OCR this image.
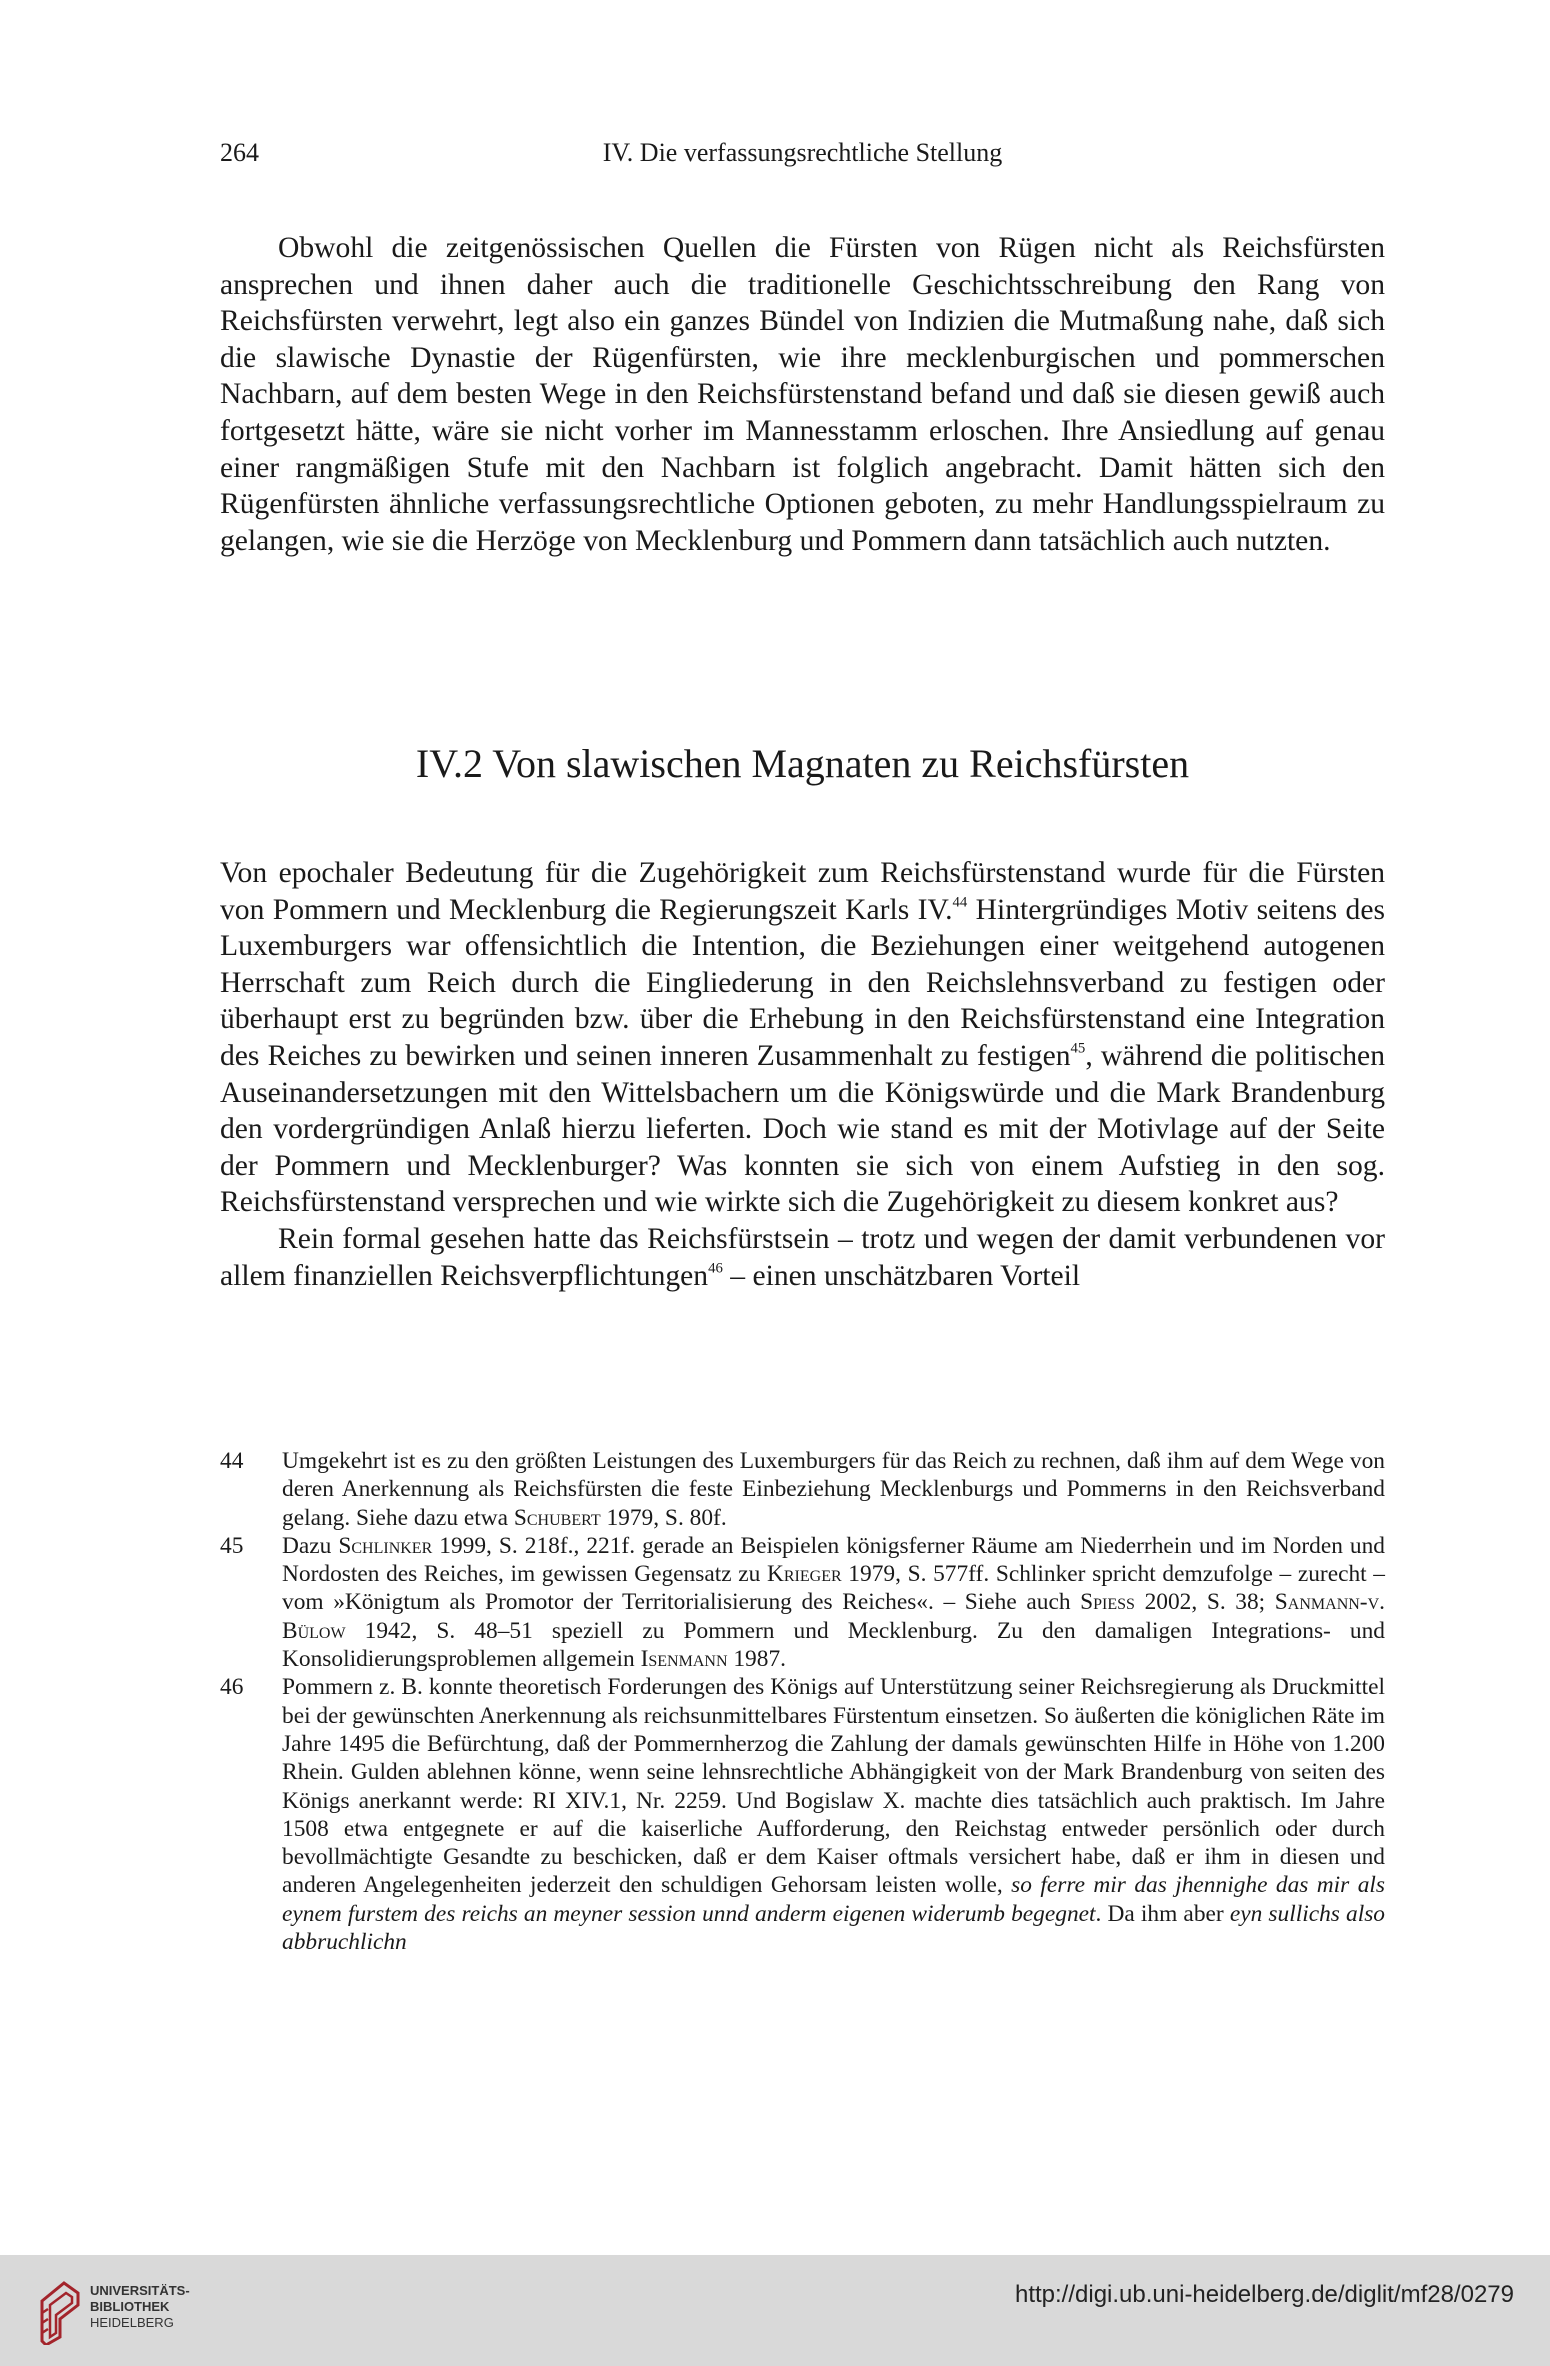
264	IV. Die verfassungsrechtliche Stellung

Obwohl die zeitgenössischen Quellen die Fürsten von Rügen nicht als Reichsfürsten ansprechen und ihnen daher auch die traditionelle Geschichtsschreibung den Rang von Reichsfürsten verwehrt, legt also ein ganzes Bündel von Indizien die Mutmaßung nahe, daß sich die slawische Dynastie der Rügenfürsten, wie ihre mecklenburgischen und pommerschen Nachbarn, auf dem besten Wege in den Reichsfürstenstand befand und daß sie diesen gewiß auch fortgesetzt hätte, wäre sie nicht vorher im Mannesstamm erloschen. Ihre Ansiedlung auf genau einer rangmäßigen Stufe mit den Nachbarn ist folglich angebracht. Damit hätten sich den Rügenfürsten ähnliche verfassungsrechtliche Optionen geboten, zu mehr Handlungsspielraum zu gelangen, wie sie die Herzöge von Mecklenburg und Pommern dann tatsächlich auch nutzten.

IV.2 Von slawischen Magnaten zu Reichsfürsten

Von epochaler Bedeutung für die Zugehörigkeit zum Reichsfürstenstand wurde für die Fürsten von Pommern und Mecklenburg die Regierungszeit Karls IV.$^{44}$ Hintergründiges Motiv seitens des Luxemburgers war offensichtlich die Intention, die Beziehungen einer weitgehend autogenen Herrschaft zum Reich durch die Eingliederung in den Reichslehnsverband zu festigen oder überhaupt erst zu begründen bzw. über die Erhebung in den Reichsfürstenstand eine Integration des Reiches zu bewirken und seinen inneren Zusammenhalt zu festigen$^{45}$, während die politischen Auseinandersetzungen mit den Wittelsbachern um die Königswürde und die Mark Brandenburg den vordergründigen Anlaß hierzu lieferten. Doch wie stand es mit der Motivlage auf der Seite der Pommern und Mecklenburger? Was konnten sie sich von einem Aufstieg in den sog. Reichsfürstenstand versprechen und wie wirkte sich die Zugehörigkeit zu diesem konkret aus?

Rein formal gesehen hatte das Reichsfürstsein – trotz und wegen der damit verbundenen vor allem finanziellen Reichsverpflichtungen$^{46}$ – einen unschätzbaren Vorteil

44 Umgekehrt ist es zu den größten Leistungen des Luxemburgers für das Reich zu rechnen, daß ihm auf dem Wege von deren Anerkennung als Reichsfürsten die feste Einbeziehung Mecklenburgs und Pommerns in den Reichsverband gelang. Siehe dazu etwa Schubert 1979, S. 80f.

45 Dazu Schlinker 1999, S. 218f., 221f. gerade an Beispielen königsferner Räume am Niederrhein und im Norden und Nordosten des Reiches, im gewissen Gegensatz zu Krieger 1979, S. 577ff. Schlinker spricht demzufolge – zurecht – vom »Königtum als Promotor der Territorialisierung des Reiches«. – Siehe auch Spiess 2002, S. 38; Sanmann-v. Bülow 1942, S. 48–51 speziell zu Pommern und Mecklenburg. Zu den damaligen Integrations- und Konsolidierungsproblemen allgemein Isenmann 1987.

46 Pommern z. B. konnte theoretisch Forderungen des Königs auf Unterstützung seiner Reichsregierung als Druckmittel bei der gewünschten Anerkennung als reichsunmittelbares Fürstentum einsetzen. So äußerten die königlichen Räte im Jahre 1495 die Befürchtung, daß der Pommernherzog die Zahlung der damals gewünschten Hilfe in Höhe von 1.200 Rhein. Gulden ablehnen könne, wenn seine lehnsrechtliche Abhängigkeit von der Mark Brandenburg von seiten des Königs anerkannt werde: RI XIV.1, Nr. 2259. Und Bogislaw X. machte dies tatsächlich auch praktisch. Im Jahre 1508 etwa entgegnete er auf die kaiserliche Aufforderung, den Reichstag entweder persönlich oder durch bevollmächtigte Gesandte zu beschicken, daß er dem Kaiser oftmals versichert habe, daß er ihm in diesen und anderen Angelegenheiten jederzeit den schuldigen Gehorsam leisten wolle, so ferre mir das jhennighe das mir als eynem furstem des reichs an meyner session unnd anderm eigenen widerumb begegnet. Da ihm aber eyn sullichs also abbruchlichn

UNIVERSITÄTS-
BIBLIOTHEK
HEIDELBERG
http://digi.ub.uni-heidelberg.de/diglit/mf28/0279
